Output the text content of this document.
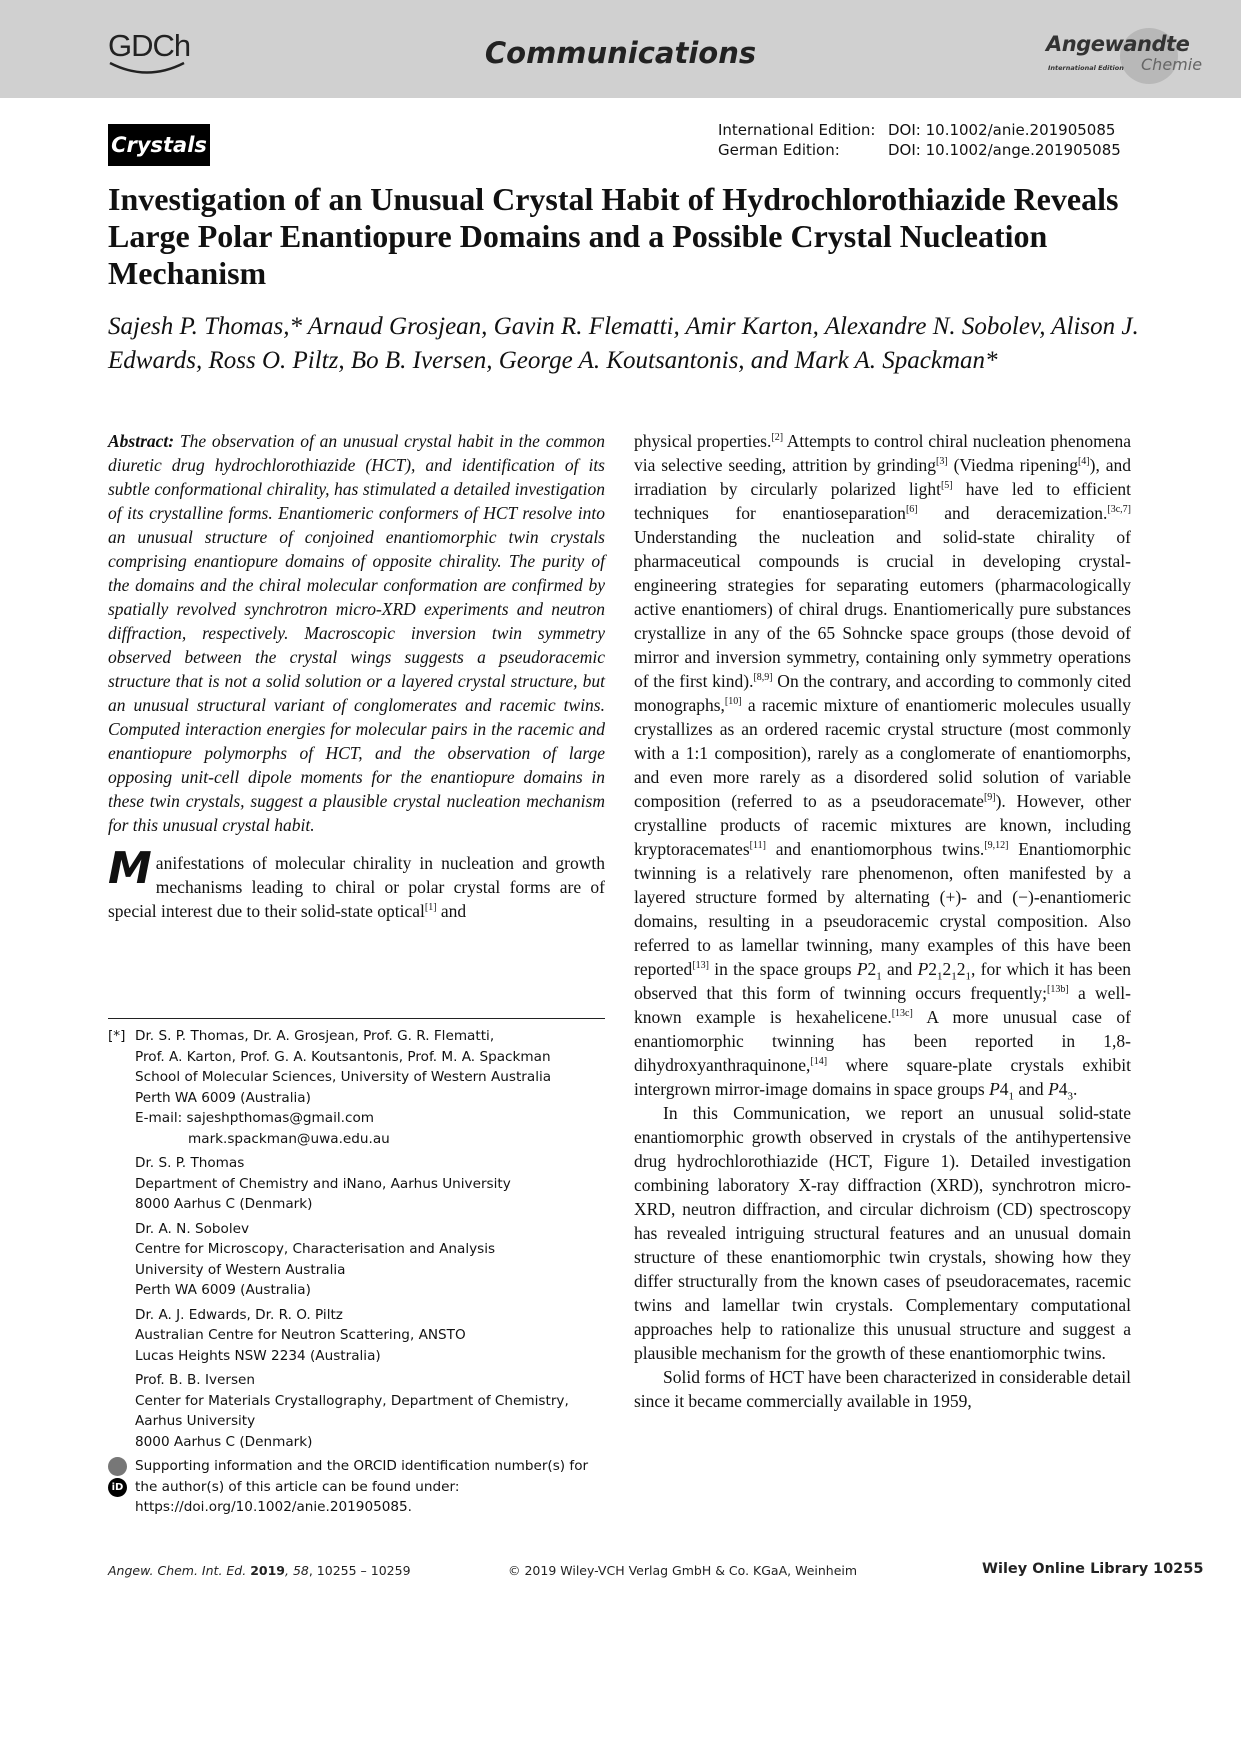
GDCh	Communications	Angewandte
International Edition Chemie
Crystals
International Edition: DOI: 10.1002/anie.201905085
German Edition:	DOI: 10.1002/ange.201905085
Investigation of an Unusual Crystal Habit of Hydrochlorothiazide Reveals Large Polar Enantiopure Domains and a Possible Crystal Nucleation Mechanism

Sajesh P. Thomas,* Arnaud Grosjean, Gavin R. Flematti, Amir Karton, Alexandre N. Sobolev, Alison J. Edwards, Ross O. Piltz, Bo B. Iversen, George A. Koutsantonis, and Mark A. Spackman*

Abstract: The observation of an unusual crystal habit in the common diuretic drug hydrochlorothiazide (HCT), and identification of its subtle conformational chirality, has stimulated a detailed investigation of its crystalline forms. Enantiomeric conformers of HCT resolve into an unusual structure of conjoined enantiomorphic twin crystals comprising enantiopure domains of opposite chirality. The purity of the domains and the chiral molecular conformation are confirmed by spatially revolved synchrotron micro-XRD experiments and neutron diffraction, respectively. Macroscopic inversion twin symmetry observed between the crystal wings suggests a pseudoracemic structure that is not a solid solution or a layered crystal structure, but an unusual structural variant of conglomerates and racemic twins. Computed interaction energies for molecular pairs in the racemic and enantiopure polymorphs of HCT, and the observation of large opposing unit-cell dipole moments for the enantiopure domains in these twin crystals, suggest a plausible crystal nucleation mechanism for this unusual crystal habit.

Manifestations of molecular chirality in nucleation and growth mechanisms leading to chiral or polar crystal forms are of special interest due to their solid-state optical[1] and

[*] Dr. S. P. Thomas, Dr. A. Grosjean, Prof. G. R. Flematti,
Prof. A. Karton, Prof. G. A. Koutsantonis, Prof. M. A. Spackman
School of Molecular Sciences, University of Western Australia
Perth WA 6009 (Australia)
E-mail: sajeshpthomas@gmail.com
mark.spackman@uwa.edu.au
Dr. S. P. Thomas
Department of Chemistry and iNano, Aarhus University
8000 Aarhus C (Denmark)
Dr. A. N. Sobolev
Centre for Microscopy, Characterisation and Analysis
University of Western Australia
Perth WA 6009 (Australia)
Dr. A. J. Edwards, Dr. R. O. Piltz
Australian Centre for Neutron Scattering, ANSTO
Lucas Heights NSW 2234 (Australia)
Prof. B. B. Iversen
Center for Materials Crystallography, Department of Chemistry,
Aarhus University
8000 Aarhus C (Denmark)
iD
Supporting information and the ORCID identification number(s) for
the author(s) of this article can be found under:
https://doi.org/10.1002/anie.201905085.

physical properties.[2] Attempts to control chiral nucleation phenomena via selective seeding, attrition by grinding[3] (Viedma ripening[4]), and irradiation by circularly polarized light[5] have led to efficient techniques for enantioseparation[6] and deracemization.[3c,7] Understanding the nucleation and solid-state chirality of pharmaceutical compounds is crucial in developing crystal-engineering strategies for separating eutomers (pharmacologically active enantiomers) of chiral drugs. Enantiomerically pure substances crystallize in any of the 65 Sohncke space groups (those devoid of mirror and inversion symmetry, containing only symmetry operations of the first kind).[8,9] On the contrary, and according to commonly cited monographs,[10] a racemic mixture of enantiomeric molecules usually crystallizes as an ordered racemic crystal structure (most commonly with a 1:1 composition), rarely as a conglomerate of enantiomorphs, and even more rarely as a disordered solid solution of variable composition (referred to as a pseudoracemate[9]). However, other crystalline products of racemic mixtures are known, including kryptoracemates[11] and enantiomorphous twins.[9,12] Enantiomorphic twinning is a relatively rare phenomenon, often manifested by a layered structure formed by alternating (+)- and (−)-enantiomeric domains, resulting in a pseudoracemic crystal composition. Also referred to as lamellar twinning, many examples of this have been reported[13] in the space groups $P2_1$ and $P2_12_12_1$, for which it has been observed that this form of twinning occurs frequently;[13b] a well-known example is hexahelicene.[13c] A more unusual case of enantiomorphic twinning has been reported in 1,8-dihydroxyanthraquinone,[14] where square-plate crystals exhibit intergrown mirror-image domains in space groups $P4_1$ and $P4_3$.

In this Communication, we report an unusual solid-state enantiomorphic growth observed in crystals of the antihypertensive drug hydrochlorothiazide (HCT, Figure 1). Detailed investigation combining laboratory X-ray diffraction (XRD), synchrotron micro-XRD, neutron diffraction, and circular dichroism (CD) spectroscopy has revealed intriguing structural features and an unusual domain structure of these enantiomorphic twin crystals, showing how they differ structurally from the known cases of pseudoracemates, racemic twins and lamellar twin crystals. Complementary computational approaches help to rationalize this unusual structure and suggest a plausible mechanism for the growth of these enantiomorphic twins.

Solid forms of HCT have been characterized in considerable detail since it became commercially available in 1959,

Angew. Chem. Int. Ed. 2019, 58, 10255 – 10259	© 2019 Wiley-VCH Verlag GmbH & Co. KGaA, Weinheim	Wiley Online Library 10255
